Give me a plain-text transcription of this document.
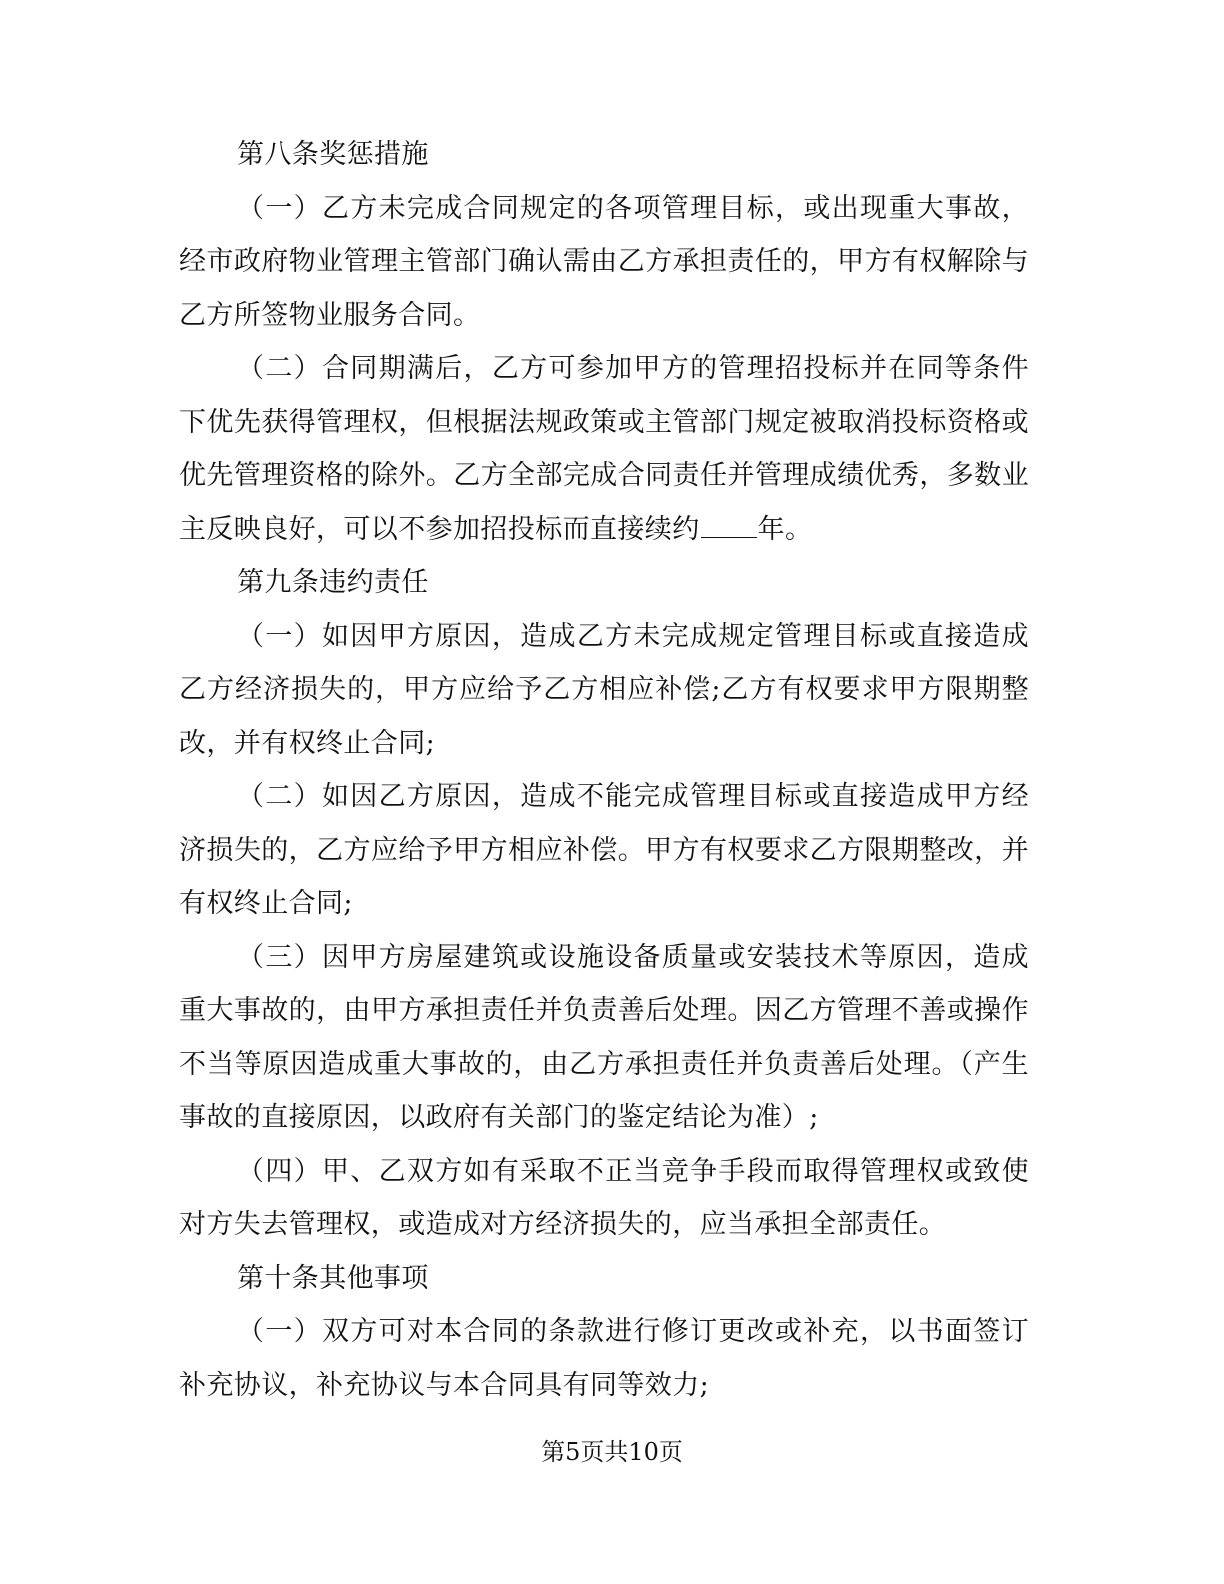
第八条奖惩措施

（一）乙方未完成合同规定的各项管理目标，或出现重大事故，经市政府物业管理主管部门确认需由乙方承担责任的，甲方有权解除与乙方所签物业服务合同。

（二）合同期满后，乙方可参加甲方的管理招投标并在同等条件下优先获得管理权，但根据法规政策或主管部门规定被取消投标资格或优先管理资格的除外。乙方全部完成合同责任并管理成绩优秀，多数业主反映良好，可以不参加招投标而直接续约 年。

第九条违约责任

（一）如因甲方原因，造成乙方未完成规定管理目标或直接造成乙方经济损失的，甲方应给予乙方相应补偿;乙方有权要求甲方限期整改，并有权终止合同;

（二）如因乙方原因，造成不能完成管理目标或直接造成甲方经济损失的，乙方应给予甲方相应补偿。甲方有权要求乙方限期整改，并有权终止合同;

（三）因甲方房屋建筑或设施设备质量或安装技术等原因，造成重大事故的，由甲方承担责任并负责善后处理。因乙方管理不善或操作不当等原因造成重大事故的，由乙方承担责任并负责善后处理。（产生事故的直接原因，以政府有关部门的鉴定结论为准）;

（四）甲、乙双方如有采取不正当竞争手段而取得管理权或致使对方失去管理权，或造成对方经济损失的，应当承担全部责任。

第十条其他事项

（一）双方可对本合同的条款进行修订更改或补充，以书面签订补充协议，补充协议与本合同具有同等效力;

第5页共10页
